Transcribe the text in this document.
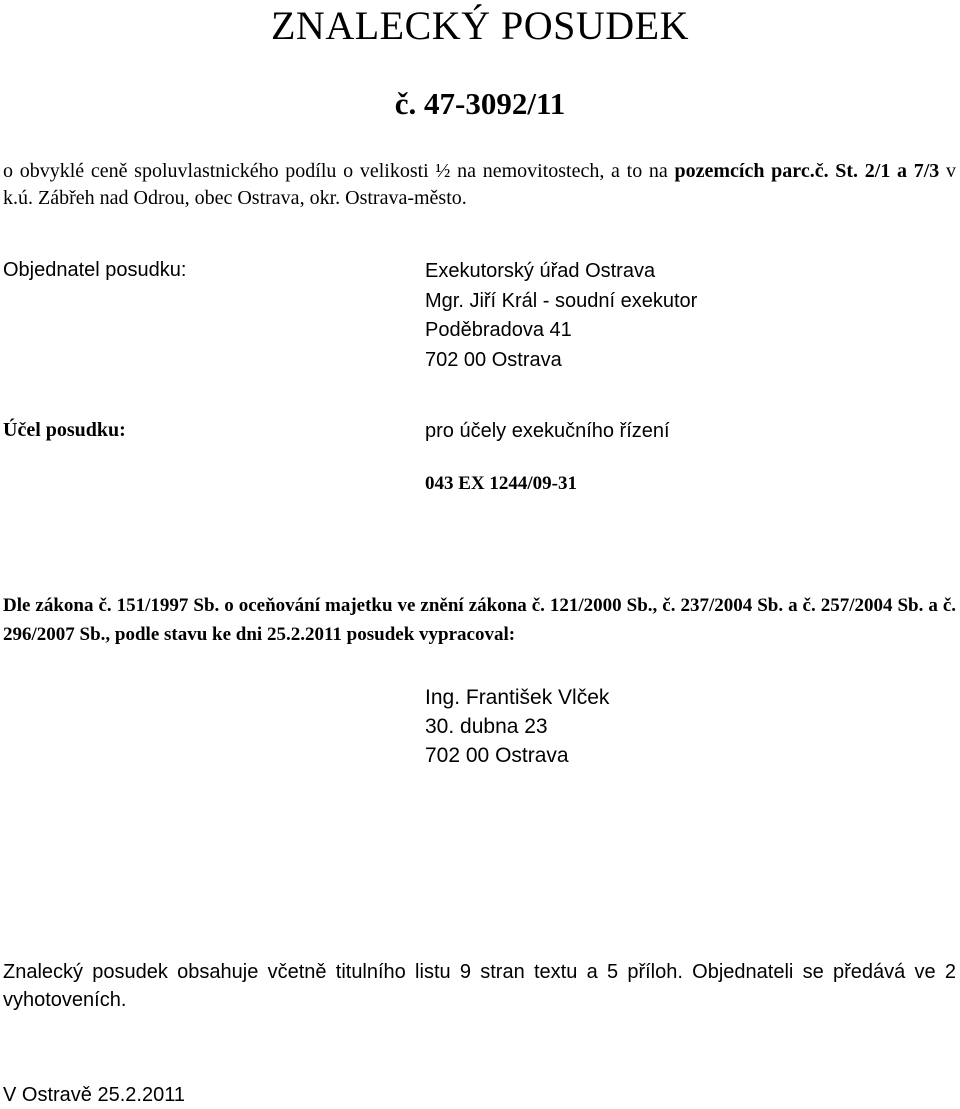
ZNALECKÝ POSUDEK
č. 47-3092/11
o obvyklé ceně spoluvlastnického podílu o velikosti ½ na nemovitostech, a to na pozemcích parc.č. St. 2/1 a 7/3 v k.ú. Zábřeh nad Odrou, obec Ostrava, okr. Ostrava-město.
Objednatel posudku:	Exekutorský úřad Ostrava
Mgr. Jiří Král - soudní exekutor
Poděbradova 41
702 00 Ostrava
Účel posudku:	pro účely exekučního řízení
043 EX 1244/09-31
Dle zákona č. 151/1997 Sb. o oceňování majetku ve znění zákona č. 121/2000 Sb., č. 237/2004 Sb. a č. 257/2004 Sb. a č. 296/2007 Sb., podle stavu ke dni 25.2.2011 posudek vypracoval:
Ing. František Vlček
30. dubna 23
702 00 Ostrava
Znalecký posudek obsahuje včetně titulního listu 9 stran textu a 5 příloh. Objednateli se předává ve 2 vyhotoveních.
V Ostravě 25.2.2011
